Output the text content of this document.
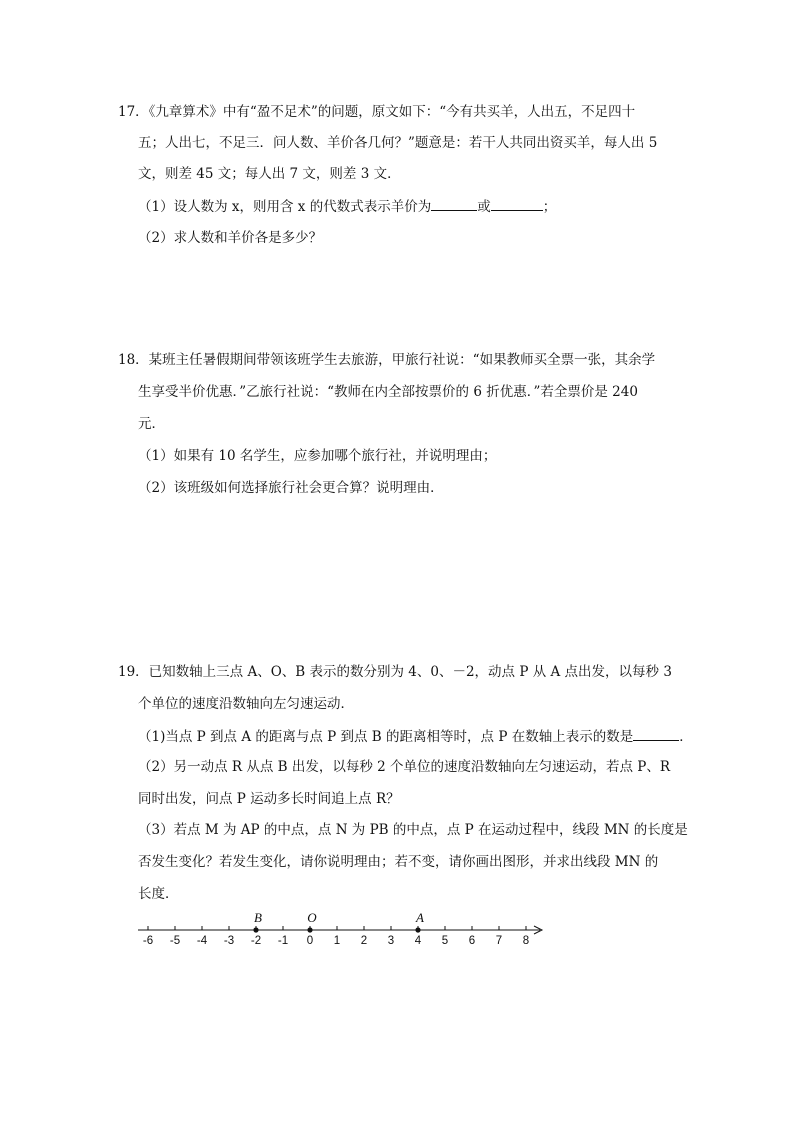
17．《九章算术》中有“盈不足术”的问题，原文如下：“今有共买羊，人出五，不足四十
五；人出七，不足三．问人数、羊价各几何？”题意是：若干人共同出资买羊，每人出 5
文，则差 45 文；每人出 7 文，则差 3 文．
（1）设人数为 x，则用含 x 的代数式表示羊价为	或	；
（2）求人数和羊价各是多少？
18．某班主任暑假期间带领该班学生去旅游，甲旅行社说：“如果教师买全票一张，其余学
生享受半价优惠．”乙旅行社说：“教师在内全部按票价的 6 折优惠．”若全票价是 240
元．
（1）如果有 10 名学生，应参加哪个旅行社，并说明理由；
（2）该班级如何选择旅行社会更合算？说明理由．
19．已知数轴上三点 A、O、B 表示的数分别为 4、0、－2，动点 P 从 A 点出发，以每秒 3
个单位的速度沿数轴向左匀速运动．
（1)当点 P 到点 A 的距离与点 P 到点 B 的距离相等时，点 P 在数轴上表示的数是	．
（2）另一动点 R 从点 B 出发，以每秒 2 个单位的速度沿数轴向左匀速运动，若点 P、R
同时出发，问点 P 运动多长时间追上点 R？
（3）若点 M 为 AP 的中点，点 N 为 PB 的中点，点 P 在运动过程中，线段 MN 的长度是
否发生变化？若发生变化，请你说明理由；若不变，请你画出图形，并求出线段 MN 的
长度．
-6 -5 -4 -3 -2 -1 0 1 2 3 4 5 6 7 8
B	O	A
